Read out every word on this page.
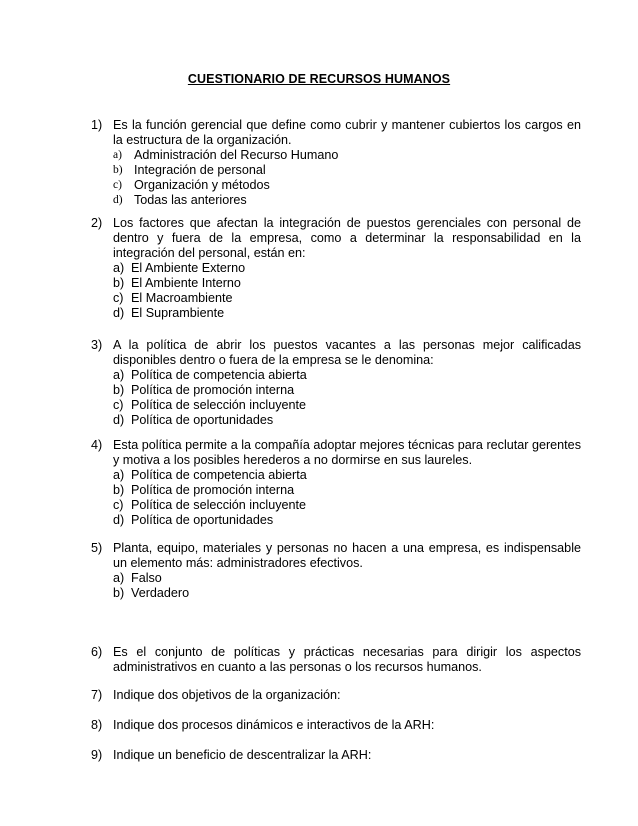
CUESTIONARIO DE RECURSOS HUMANOS
1) Es la función gerencial que define como cubrir y mantener cubiertos los cargos en la estructura de la organización.
a) Administración del Recurso Humano
b) Integración de personal
c) Organización y métodos
d) Todas las anteriores
2) Los factores que afectan la integración de puestos gerenciales con personal de dentro y fuera de la empresa, como a determinar la responsabilidad en la integración del personal, están en:
a) El Ambiente Externo
b) El Ambiente Interno
c) El Macroambiente
d) El Suprambiente
3) A la política de abrir los puestos vacantes a las personas mejor calificadas disponibles dentro o fuera de la empresa se le denomina:
a) Política de competencia abierta
b) Política de promoción interna
c) Política de selección incluyente
d) Política de oportunidades
4) Esta política permite a la compañía adoptar mejores técnicas para reclutar gerentes y motiva a los posibles herederos a no dormirse en sus laureles.
a) Política de competencia abierta
b) Política de promoción interna
c) Política de selección incluyente
d) Política de oportunidades
5) Planta, equipo, materiales y personas no hacen a una empresa, es indispensable un elemento más: administradores efectivos.
a) Falso
b) Verdadero
6) Es el conjunto de políticas y prácticas necesarias para dirigir los aspectos administrativos en cuanto a las personas o los recursos humanos.
7) Indique dos objetivos de la organización:
8) Indique dos procesos dinámicos e interactivos de la ARH:
9) Indique un beneficio de descentralizar la ARH:
